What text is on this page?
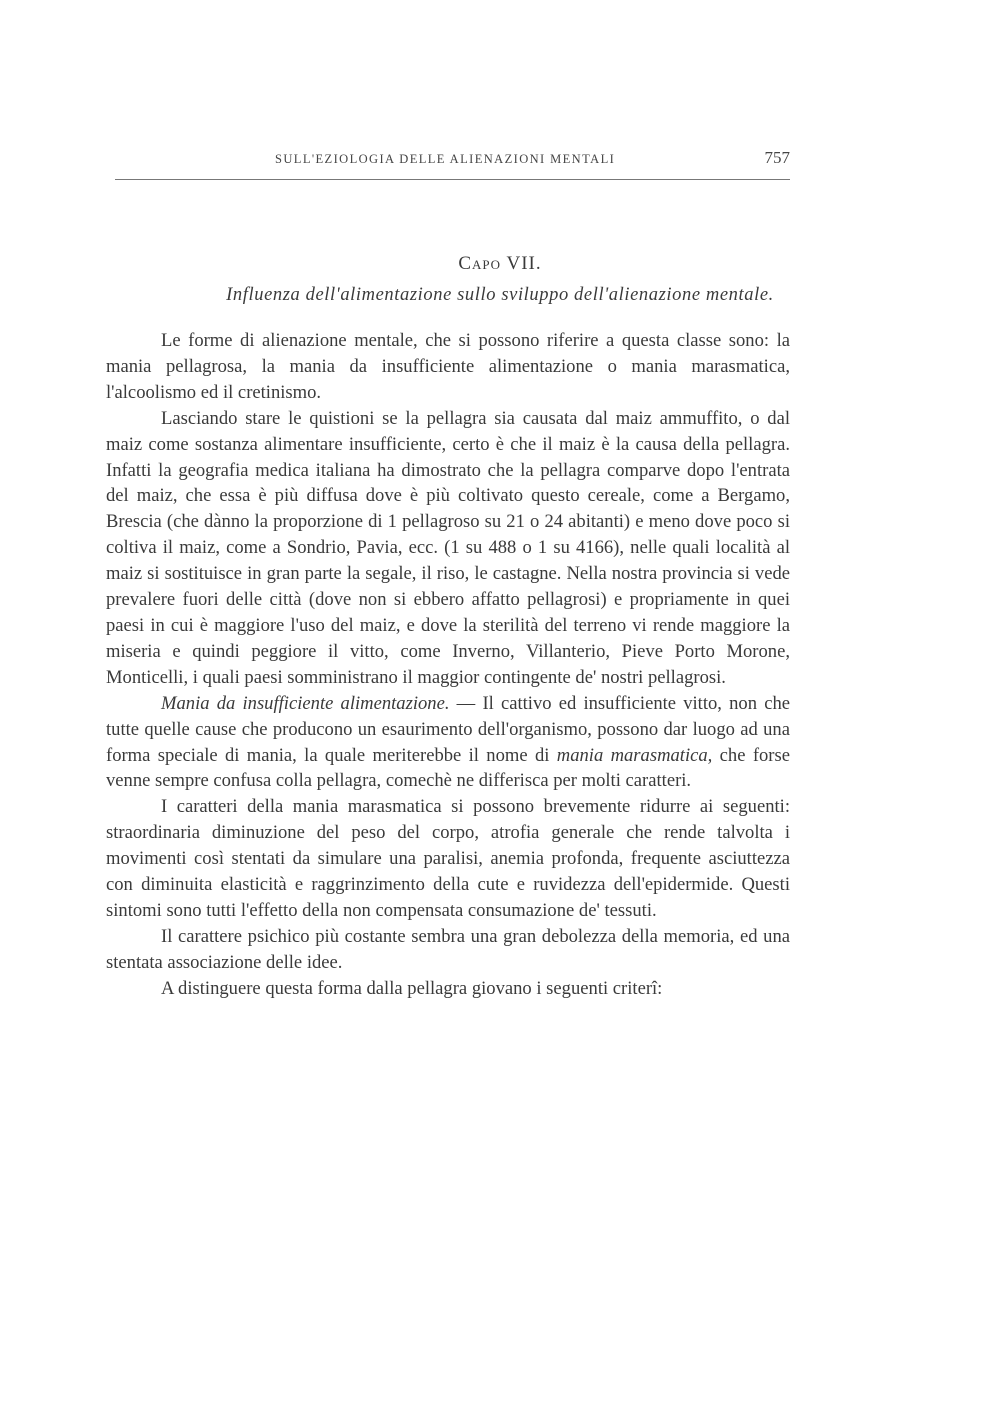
SULL'EZIOLOGIA DELLE ALIENAZIONI MENTALI	757
Capo VII.
Influenza dell'alimentazione sullo sviluppo dell'alienazione mentale.

Le forme di alienazione mentale, che si possono riferire a questa classe sono: la mania pellagrosa, la mania da insufficiente alimentazione o mania marasmatica, l'alcoolismo ed il cretinismo.

Lasciando stare le quistioni se la pellagra sia causata dal maiz ammuffito, o dal maiz come sostanza alimentare insufficiente, certo è che il maiz è la causa della pellagra. Infatti la geografia medica italiana ha dimostrato che la pellagra comparve dopo l'entrata del maiz, che essa è più diffusa dove è più coltivato questo cereale, come a Bergamo, Brescia (che dànno la proporzione di 1 pellagroso su 21 o 24 abitanti) e meno dove poco si coltiva il maiz, come a Sondrio, Pavia, ecc. (1 su 488 o 1 su 4166), nelle quali località al maiz si sostituisce in gran parte la segale, il riso, le castagne. Nella nostra provincia si vede prevalere fuori delle città (dove non si ebbero affatto pellagrosi) e propriamente in quei paesi in cui è maggiore l'uso del maiz, e dove la sterilità del terreno vi rende maggiore la miseria e quindi peggiore il vitto, come Inverno, Villanterio, Pieve Porto Morone, Monticelli, i quali paesi somministrano il maggior contingente de' nostri pellagrosi.

Mania da insufficiente alimentazione. — Il cattivo ed insufficiente vitto, non che tutte quelle cause che producono un esaurimento dell'organismo, possono dar luogo ad una forma speciale di mania, la quale meriterebbe il nome di mania marasmatica, che forse venne sempre confusa colla pellagra, comechè ne differisca per molti caratteri.

I caratteri della mania marasmatica si possono brevemente ridurre ai seguenti: straordinaria diminuzione del peso del corpo, atrofia generale che rende talvolta i movimenti così stentati da simulare una paralisi, anemia profonda, frequente asciuttezza con diminuita elasticità e raggrinzimento della cute e ruvidezza dell'epidermide. Questi sintomi sono tutti l'effetto della non compensata consumazione de' tessuti.

Il carattere psichico più costante sembra una gran debolezza della memoria, ed una stentata associazione delle idee.

A distinguere questa forma dalla pellagra giovano i seguenti criterî:
